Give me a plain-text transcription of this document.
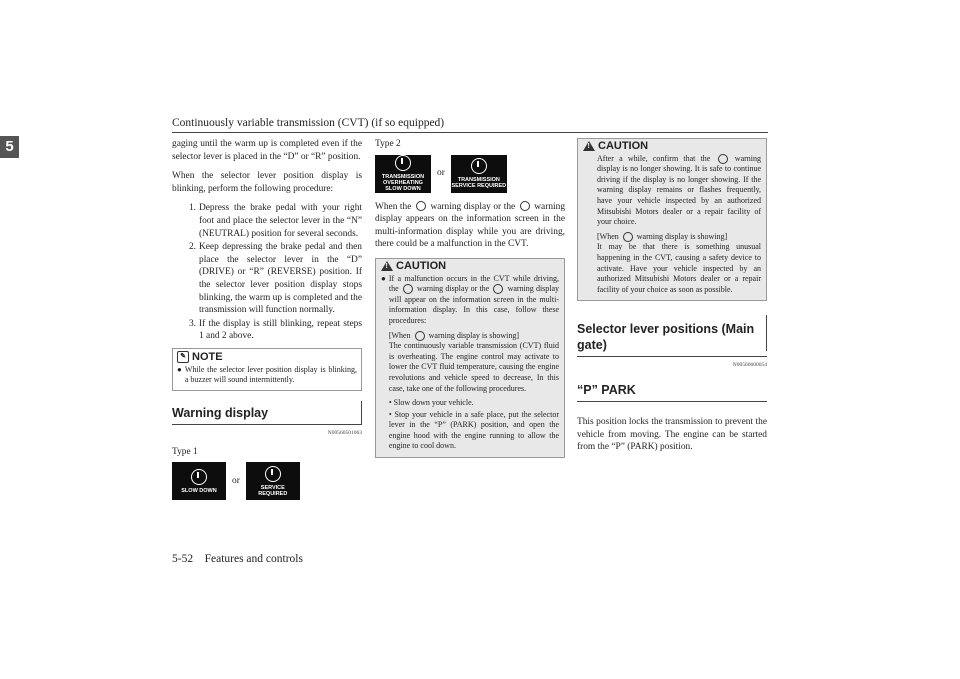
Continuously variable transmission (CVT) (if so equipped)
5	gaging until the warm up is completed even if the selector lever is placed in the “D” or “R” position.

When the selector lever position display is blinking, perform the following procedure:

1. Depress the brake pedal with your right foot and place the selector lever in the “N” (NEUTRAL) position for several seconds.
2. Keep depressing the brake pedal and then place the selector lever in the “D” (DRIVE) or “R” (REVERSE) position. If the selector lever position display stops blinking, the warm up is completed and the transmission will function normally.
3. If the display is still blinking, repeat steps 1 and 2 above.
✎ NOTE
● While the selector lever position display is blinking, a buzzer will sound intermittently.
Warning display
N00560501063
Type 1
SLOW DOWN
or
SERVICE REQUIRED
Type 2
TRANSMISSION OVERHEATING SLOW DOWN
or
TRANSMISSION SERVICE REQUIRED

When the warning display or the warning display appears on the information screen in the multi-information display while you are driving, there could be a malfunction in the CVT.

!
CAUTION
● If a malfunction occurs in the CVT while driving, the warning display or the warning display will appear on the information screen in the multi-information display. In this case, follow these procedures:

[When warning display is showing]
The continuously variable transmission (CVT) fluid is overheating. The engine control may activate to lower the CVT fluid temperature, causing the engine revolutions and vehicle speed to decrease, In this case, take one of the following procedures.

• Slow down your vehicle.

• Stop your vehicle in a safe place, put the selector lever in the “P” (PARK) position, and open the engine hood with the engine running to allow the engine to cool down.

!
CAUTION

After a while, confirm that the	warning display is no longer showing. It is safe to continue driving if the display is no longer showing. If the warning display remains or flashes frequently, have your vehicle inspected by an authorized Mitsubishi Motors dealer or a repair facility of your choice.

[When warning display is showing]
It may be that there is something unusual happening in the CVT, causing a safety device to activate. Have your vehicle inspected by an authorized Mitsubishi Motors dealer or a repair facility of your choice as soon as possible.

Selector lever positions (Main gate)
N00560600054
“P” PARK

This position locks the transmission to prevent the vehicle from moving. The engine can be started from the “P” (PARK) position.

5-52 Features and controls
